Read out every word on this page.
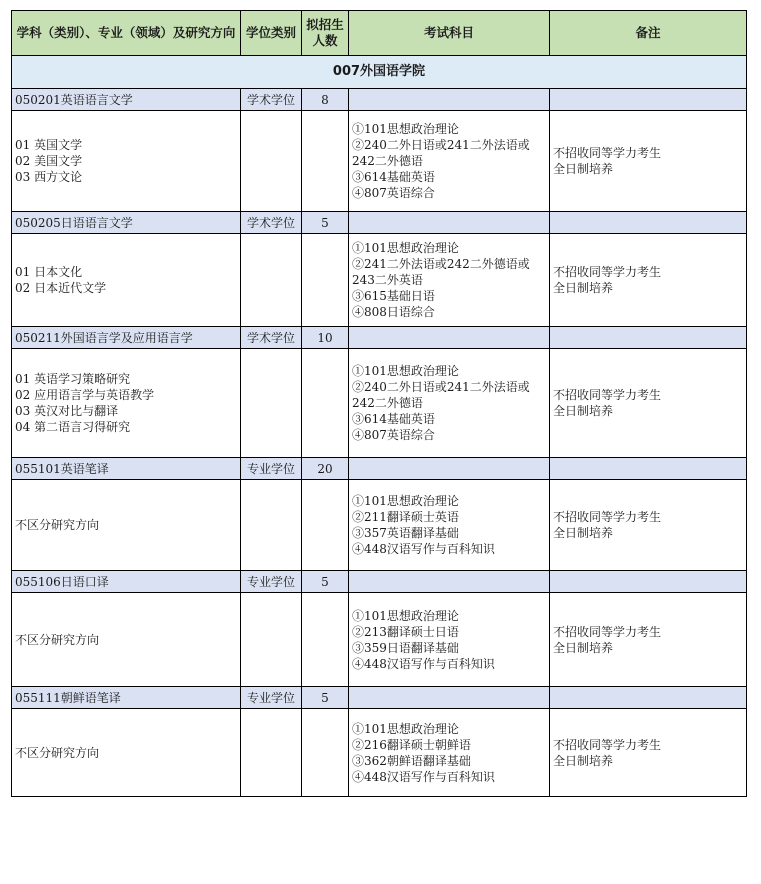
学科（类别）、专业（领域）及研究方向	学位类别	拟招生人数	考试科目	备注
007外国语学院				
050201英语语言文学	学术学位	8		

01 英国文学
02 美国文学
03 西方文论			①101思想政治理论
②240二外日语或241二外法语或
242二外德语
③614基础英语
④807英语综合	不招收同等学力考生
全日制培养

050205日语语言文学	学术学位	5		

01 日本文化
02 日本近代文学			①101思想政治理论
②241二外法语或242二外德语或
243二外英语
③615基础日语
④808日语综合	不招收同等学力考生
全日制培养

050211外国语言学及应用语言学	学术学位	10		

01 英语学习策略研究
02 应用语言学与英语教学
03 英汉对比与翻译
04 第二语言习得研究			①101思想政治理论
②240二外日语或241二外法语或
242二外德语
③614基础英语
④807英语综合	不招收同等学力考生
全日制培养

055101英语笔译	专业学位	20		

不区分研究方向			①101思想政治理论
②211翻译硕士英语
③357英语翻译基础
④448汉语写作与百科知识	不招收同等学力考生
全日制培养

055106日语口译	专业学位	5		

不区分研究方向			①101思想政治理论
②213翻译硕士日语
③359日语翻译基础
④448汉语写作与百科知识	不招收同等学力考生
全日制培养

055111朝鲜语笔译	专业学位	5		

不区分研究方向			①101思想政治理论
②216翻译硕士朝鲜语
③362朝鲜语翻译基础
④448汉语写作与百科知识	不招收同等学力考生
全日制培养
